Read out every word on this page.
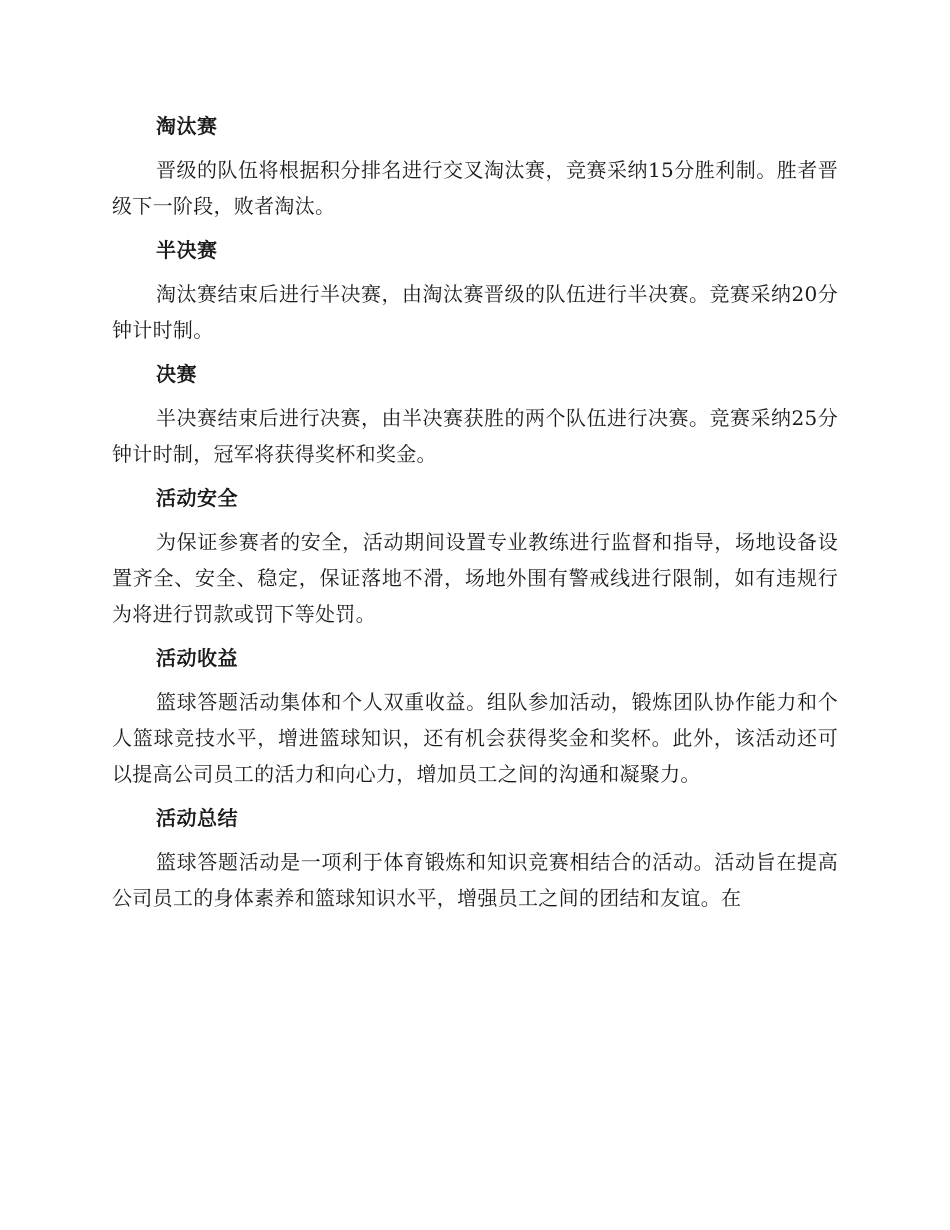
淘汰赛

晋级的队伍将根据积分排名进行交叉淘汰赛，竞赛采纳15分胜利制。胜者晋级下一阶段，败者淘汰。

半决赛

淘汰赛结束后进行半决赛，由淘汰赛晋级的队伍进行半决赛。竞赛采纳20分钟计时制。

决赛

半决赛结束后进行决赛，由半决赛获胜的两个队伍进行决赛。竞赛采纳25分钟计时制，冠军将获得奖杯和奖金。

活动安全

为保证参赛者的安全，活动期间设置专业教练进行监督和指导，场地设备设置齐全、安全、稳定，保证落地不滑，场地外围有警戒线进行限制，如有违规行为将进行罚款或罚下等处罚。

活动收益

篮球答题活动集体和个人双重收益。组队参加活动，锻炼团队协作能力和个人篮球竞技水平，增进篮球知识，还有机会获得奖金和奖杯。此外，该活动还可以提高公司员工的活力和向心力，增加员工之间的沟通和凝聚力。

活动总结

篮球答题活动是一项利于体育锻炼和知识竞赛相结合的活动。活动旨在提高公司员工的身体素养和篮球知识水平，增强员工之间的团结和友谊。在
